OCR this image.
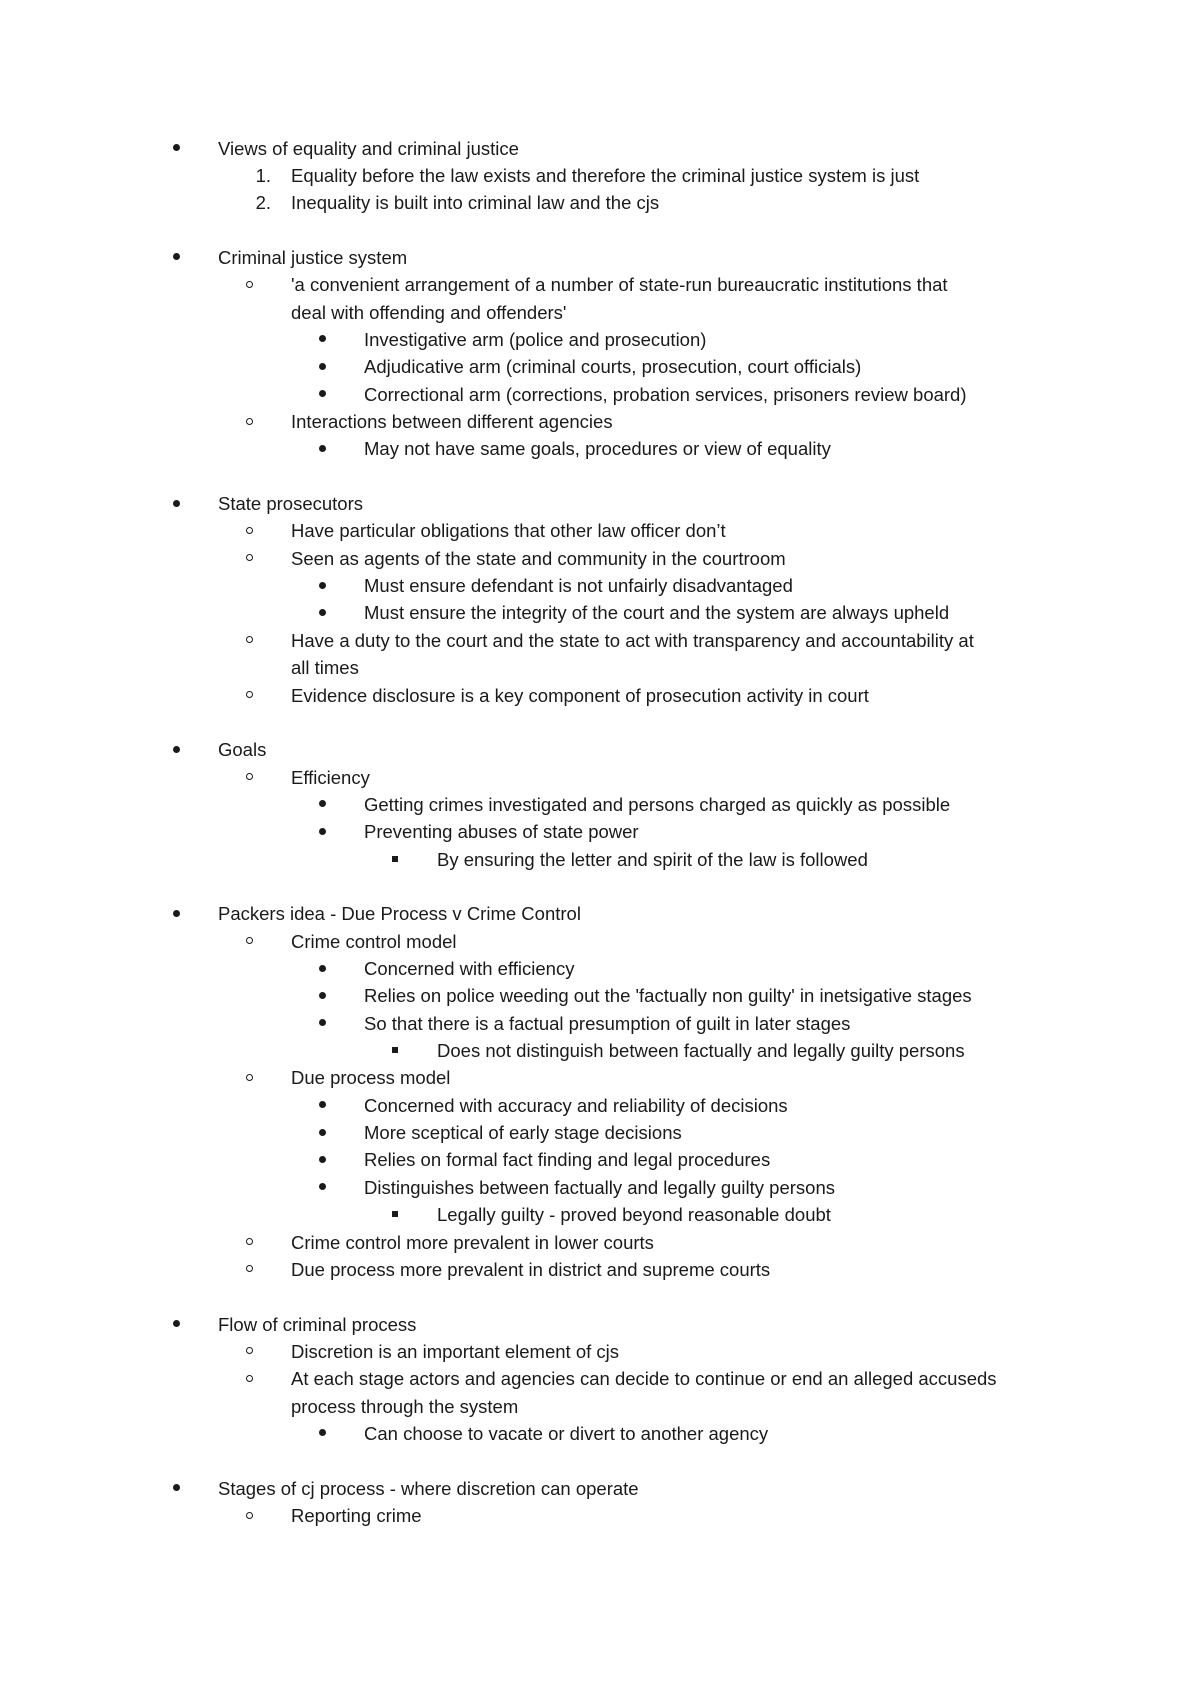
Views of equality and criminal justice
1. Equality before the law exists and therefore the criminal justice system is just
2. Inequality is built into criminal law and the cjs
Criminal justice system
'a convenient arrangement of a number of state-run bureaucratic institutions that
deal with offending and offenders'
Investigative arm (police and prosecution)
Adjudicative arm (criminal courts, prosecution, court officials)
Correctional arm (corrections, probation services, prisoners review board)
Interactions between different agencies
May not have same goals, procedures or view of equality
State prosecutors
Have particular obligations that other law officer don’t
Seen as agents of the state and community in the courtroom
Must ensure defendant is not unfairly disadvantaged
Must ensure the integrity of the court and the system are always upheld
Have a duty to the court and the state to act with transparency and accountability at
all times
Evidence disclosure is a key component of prosecution activity in court
Goals
Efficiency
Getting crimes investigated and persons charged as quickly as possible
Preventing abuses of state power
By ensuring the letter and spirit of the law is followed
Packers idea - Due Process v Crime Control
Crime control model
Concerned with efficiency
Relies on police weeding out the 'factually non guilty' in inetsigative stages
So that there is a factual presumption of guilt in later stages
Does not distinguish between factually and legally guilty persons
Due process model
Concerned with accuracy and reliability of decisions
More sceptical of early stage decisions
Relies on formal fact finding and legal procedures
Distinguishes between factually and legally guilty persons
Legally guilty - proved beyond reasonable doubt
Crime control more prevalent in lower courts
Due process more prevalent in district and supreme courts
Flow of criminal process
Discretion is an important element of cjs
At each stage actors and agencies can decide to continue or end an alleged accuseds
process through the system
Can choose to vacate or divert to another agency
Stages of cj process - where discretion can operate
Reporting crime
